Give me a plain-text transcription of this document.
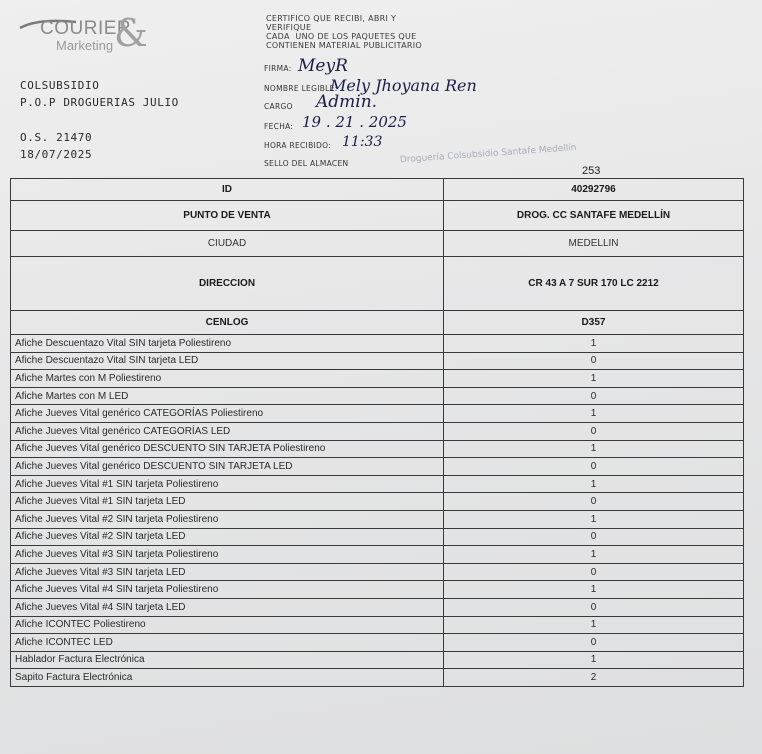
COURIER
Marketing &
COLSUBSIDIO
P.O.P DROGUERIAS JULIO
O.S. 21470
18/07/2025
CERTIFICO QUE RECIBI, ABRI Y
VERIFIQUE
CADA  UNO DE LOS PAQUETES QUE
CONTIENEN MATERIAL PUBLICITARIO
FIRMA: MeyR
NOMBRE LEGIBLE:
Mely Jhoyana Ren
CARGO Admin.
FECHA: 19 . 21 . 2025
HORA RECIBIDO: 11:33
SELLO DEL ALMACEN	Droguería Colsubsidio Santafe Medellín
253
ID	40292796
PUNTO DE VENTA	DROG. CC SANTAFE MEDELLÍN
CIUDAD	MEDELLIN
DIRECCION	CR 43 A 7 SUR 170 LC 2212
CENLOG	D357
Afiche Descuentazo Vital SIN tarjeta Poliestireno	1
Afiche Descuentazo Vital SIN tarjeta LED	0
Afiche Martes con M Poliestireno	1
Afiche Martes con M LED	0
Afiche Jueves Vital genérico CATEGORÍAS Poliestireno	1
Afiche Jueves Vital genérico CATEGORÍAS LED	0
Afiche Jueves Vital genérico DESCUENTO SIN TARJETA Poliestireno	1
Afiche Jueves Vital genérico DESCUENTO SIN TARJETA LED	0
Afiche Jueves Vital #1 SIN tarjeta Poliestireno	1
Afiche Jueves Vital #1 SIN tarjeta LED	0
Afiche Jueves Vital #2 SIN tarjeta Poliestireno	1
Afiche Jueves Vital #2 SIN tarjeta LED	0
Afiche Jueves Vital #3 SIN tarjeta Poliestireno	1
Afiche Jueves Vital #3 SIN tarjeta LED	0
Afiche Jueves Vital #4 SIN tarjeta Poliestireno	1
Afiche Jueves Vital #4 SIN tarjeta LED	0
Afiche ICONTEC Poliestireno	1
Afiche ICONTEC LED	0
Hablador Factura Electrónica	1
Sapito Factura Electrónica	2
